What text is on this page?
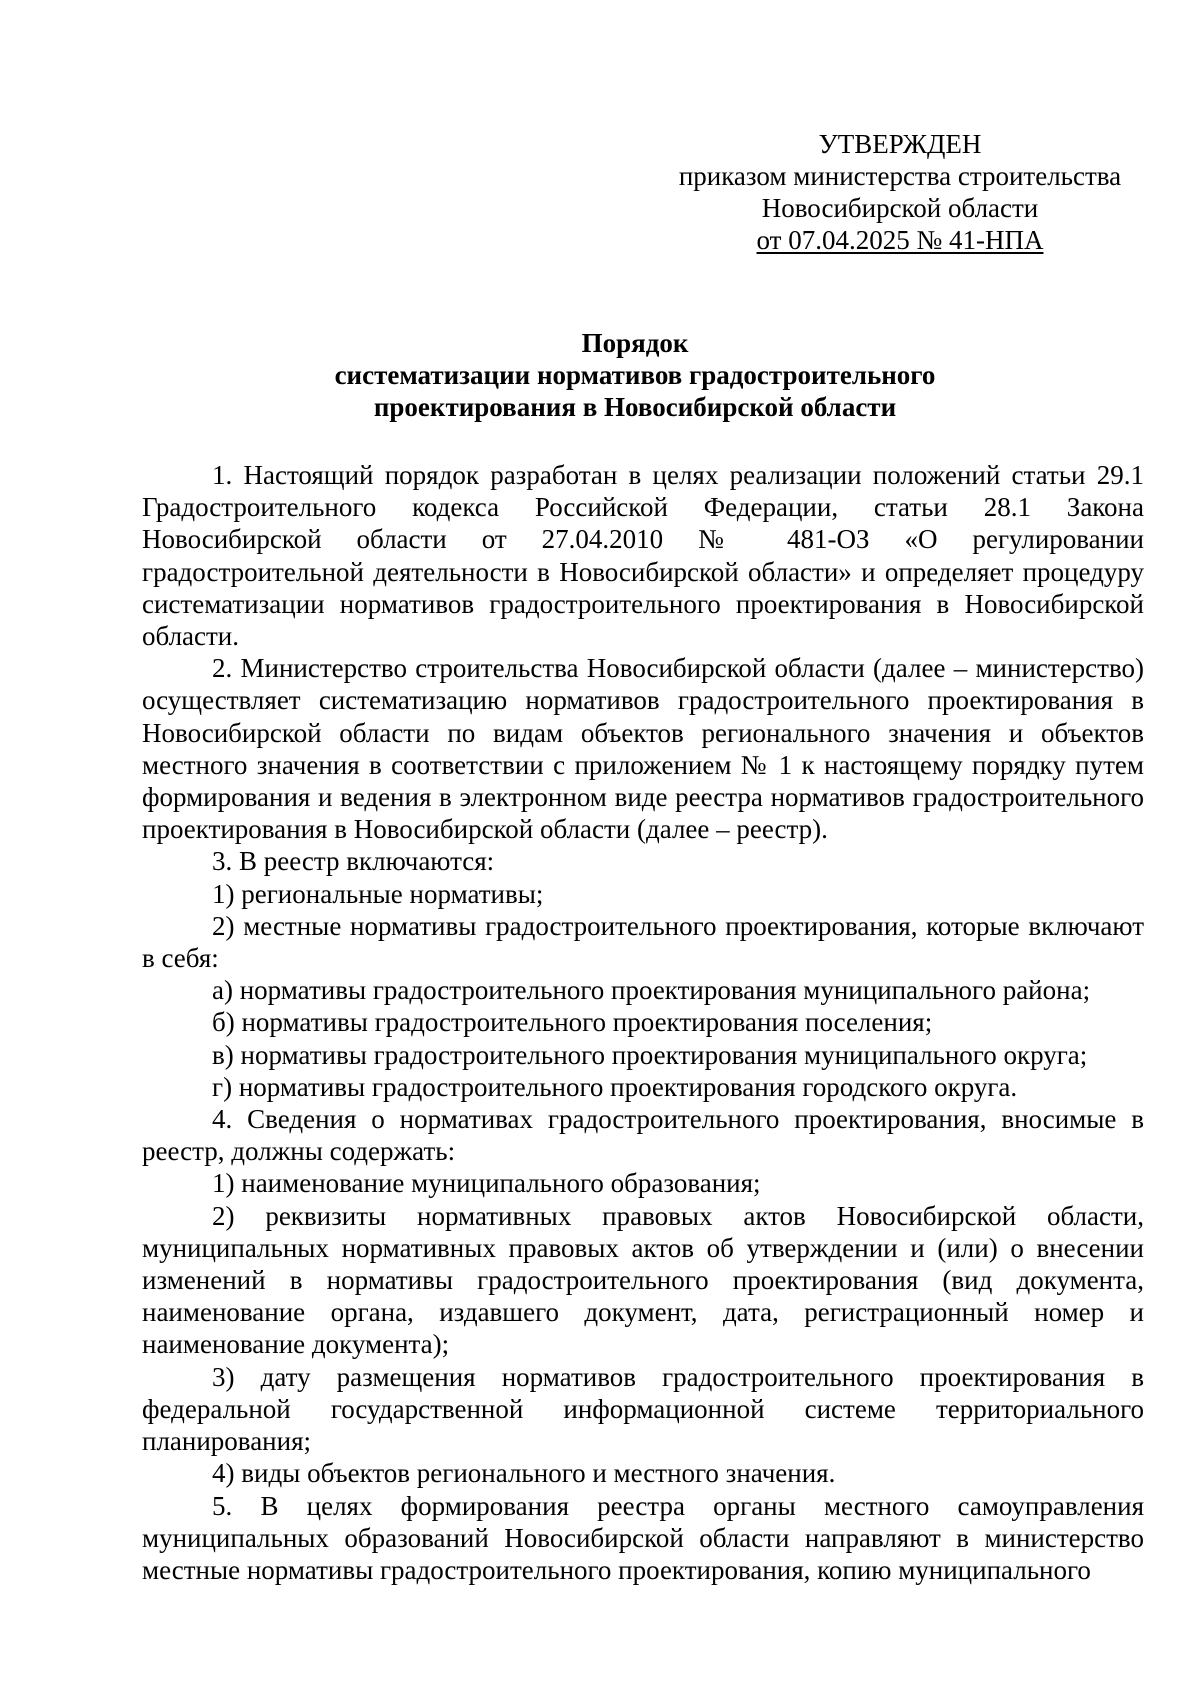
УТВЕРЖДЕН
приказом министерства строительства
Новосибирской области
от 07.04.2025 № 41-НПА
Порядок
систематизации нормативов градостроительного
проектирования в Новосибирской области

1. Настоящий порядок разработан в целях реализации положений статьи 29.1 Градостроительного кодекса Российской Федерации, статьи 28.1 Закона Новосибирской области от 27.04.2010 № 481-ОЗ «О регулировании градостроительной деятельности в Новосибирской области» и определяет процедуру систематизации нормативов градостроительного проектирования в Новосибирской области.

2. Министерство строительства Новосибирской области (далее – министерство) осуществляет систематизацию нормативов градостроительного проектирования в Новосибирской области по видам объектов регионального значения и объектов местного значения в соответствии с приложением № 1 к настоящему порядку путем формирования и ведения в электронном виде реестра нормативов градостроительного проектирования в Новосибирской области (далее – реестр).

3. В реестр включаются:

1) региональные нормативы;

2) местные нормативы градостроительного проектирования, которые включают в себя:

а) нормативы градостроительного проектирования муниципального района;

б) нормативы градостроительного проектирования поселения;

в) нормативы градостроительного проектирования муниципального округа;

г) нормативы градостроительного проектирования городского округа.

4. Сведения о нормативах градостроительного проектирования, вносимые в реестр, должны содержать:

1) наименование муниципального образования;

2) реквизиты нормативных правовых актов Новосибирской области, муниципальных нормативных правовых актов об утверждении и (или) о внесении изменений в нормативы градостроительного проектирования (вид документа, наименование органа, издавшего документ, дата, регистрационный номер и наименование документа);

3) дату размещения нормативов градостроительного проектирования в федеральной государственной информационной системе территориального планирования;

4) виды объектов регионального и местного значения.

5. В целях формирования реестра органы местного самоуправления муниципальных образований Новосибирской области направляют в министерство местные нормативы градостроительного проектирования, копию муниципального
